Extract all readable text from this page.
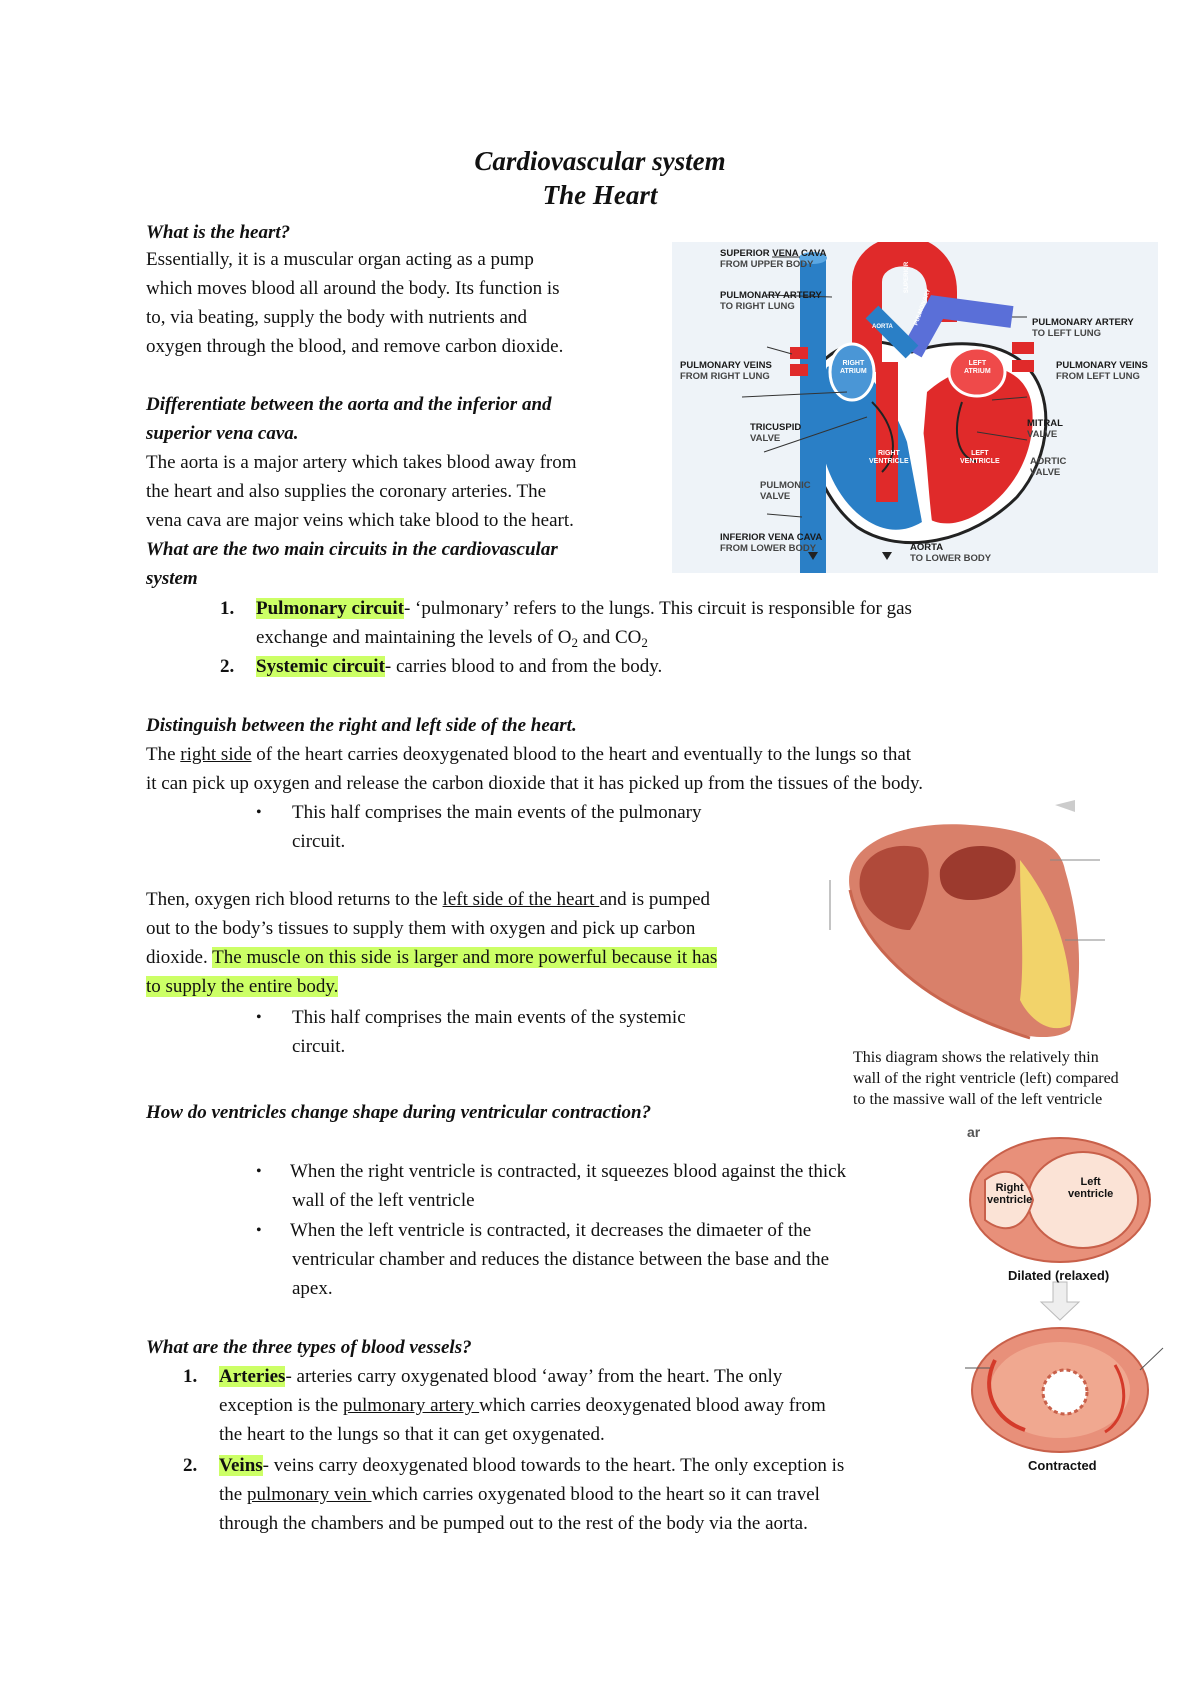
Cardiovascular system
The Heart
What is the heart?
Essentially, it is a muscular organ acting as a pump
which moves blood all around the body. Its function is
to, via beating, supply the body with nutrients and
oxygen through the blood, and remove carbon dioxide.
Differentiate between the aorta and the inferior and
superior vena cava.
The aorta is a major artery which takes blood away from
the heart and also supplies the coronary arteries. The
vena cava are major veins which take blood to the heart.
What are the two main circuits in the cardiovascular
system
1. Pulmonary circuit- ‘pulmonary’ refers to the lungs. This circuit is responsible for gas
exchange and maintaining the levels of $O_2$ and $CO_2$
2. Systemic circuit- carries blood to and from the body.
Distinguish between the right and left side of the heart.
The right side of the heart carries deoxygenated blood to the heart and eventually to the lungs so that
it can pick up oxygen and release the carbon dioxide that it has picked up from the tissues of the body.
• This half comprises the main events of the pulmonary
circuit.
Then, oxygen rich blood returns to the left side of the heart and is pumped
out to the body’s tissues to supply them with oxygen and pick up carbon
dioxide. The muscle on this side is larger and more powerful because it has
to supply the entire body.
• This half comprises the main events of the systemic
circuit.
This diagram shows the relatively thin
wall of the right ventricle (left) compared
to the massive wall of the left ventricle
How do ventricles change shape during ventricular contraction?
• When the right ventricle is contracted, it squeezes blood against the thick
wall of the left ventricle
• When the left ventricle is contracted, it decreases the dimaeter of the
ventricular chamber and reduces the distance between the base and the
apex.
What are the three types of blood vessels?
1. Arteries- arteries carry oxygenated blood ‘away’ from the heart. The only
exception is the pulmonary artery which carries deoxygenated blood away from
the heart to the lungs so that it can get oxygenated.
2. Veins- veins carry deoxygenated blood towards to the heart. The only exception is
the pulmonary vein which carries oxygenated blood to the heart so it can travel
through the chambers and be pumped out to the rest of the body via the aorta.
SUPERIOR VENA CAVA
FROM UPPER BODY
PULMONARY ARTERY
TO RIGHT LUNG
PULMONARY VEINS
FROM RIGHT LUNG
TRICUSPID
VALVE
PULMONIC
VALVE
INFERIOR VENA CAVA
FROM LOWER BODY	AORTA
TO LOWER BODY
PULMONARY ARTERY
TO LEFT LUNG
PULMONARY VEINS
FROM LEFT LUNG
MITRAL
VALVE
AORTIC
VALVE
RIGHT
ATRIUM
LEFT
ATRIUM
RIGHT
VENTRICLE
LEFT
VENTRICLE
AORTA
SUPERIOR
PULMONARY
ar
Right
ventricle
Left
ventricle
Dilated (relaxed)
Contracted
